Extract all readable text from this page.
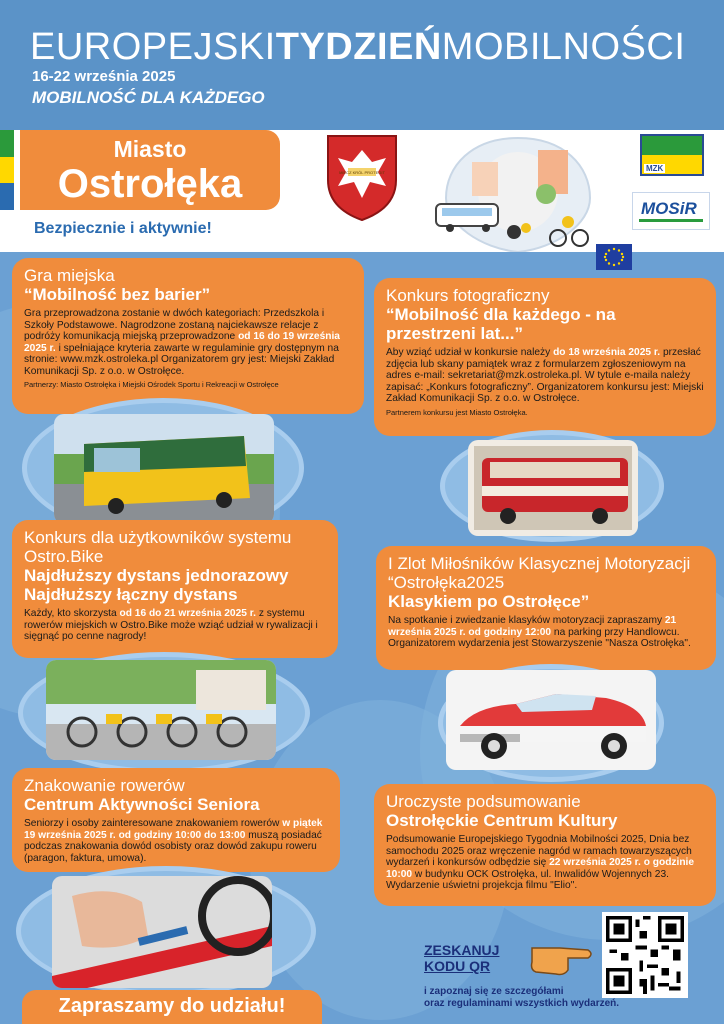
EUROPEJSKITYDZIEŃMOBILNOŚCI
16-22 września 2025
MOBILNOŚĆ DLA KAŻDEGO
Miasto
Ostrołęka
Bezpiecznie i aktywnie!
MIECZ KRÓL PROTEGIT	MZK
MOSiR
Gra miejska
“Mobilność bez barier”

Gra przeprowadzona zostanie w dwóch kategoriach: Przedszkola i Szkoły Podstawowe. Nagrodzone zostaną najciekawsze relacje z podróży komunikacją miejską przeprowadzone od 16 do 19 września 2025 r. i spełniające kryteria zawarte w regulaminie gry dostępnym na stronie: www.mzk.ostroleka.pl Organizatorem gry jest: Miejski Zakład Komunikacji Sp. z o.o. w Ostrołęce.

Partnerzy: Miasto Ostrołęka i Miejski Ośrodek Sportu i Rekreacji w Ostrołęce
Konkurs fotograficzny
“Mobilność dla każdego - na przestrzeni lat...”

Aby wziąć udział w konkursie należy do 18 września 2025 r. przesłać zdjęcia lub skany pamiątek wraz z formularzem zgłoszeniowym na adres e-mail: sekretariat@mzk.ostroleka.pl. W tytule e-maila należy zapisać: „Konkurs fotograficzny”. Organizatorem konkursu jest: Miejski Zakład Komunikacji Sp. z o.o. w Ostrołęce.

Partnerem konkursu jest Miasto Ostrołęka.
Konkurs dla użytkowników systemu Ostro.Bike
Najdłuższy dystans jednorazowy Najdłuższy łączny dystans

Każdy, kto skorzysta od 16 do 21 września 2025 r. z systemu rowerów miejskich w Ostro.Bike może wziąć udział w rywalizacji i sięgnąć po cenne nagrody!

I Zlot Miłośników Klasycznej Motoryzacji “Ostrołęka2025
Klasykiem po Ostrołęce”

Na spotkanie i zwiedzanie klasyków motoryzacji zapraszamy 21 września 2025 r. od godziny 12:00 na parking przy Handlowcu. Organizatorem wydarzenia jest Stowarzyszenie "Nasza Ostrołęka".

Znakowanie rowerów
Centrum Aktywności Seniora

Seniorzy i osoby zainteresowane znakowaniem rowerów w piątek 19 września 2025 r. od godziny 10:00 do 13:00 muszą posiadać podczas znakowania dowód osobisty oraz dowód zakupu roweru (paragon, faktura, umowa).

Uroczyste podsumowanie
Ostrołęckie Centrum Kultury

Podsumowanie Europejskiego Tygodnia Mobilności 2025, Dnia bez samochodu 2025 oraz wręczenie nagród w ramach towarzyszących wydarzeń i konkursów odbędzie się 22 września 2025 r. o godzinie 10:00 w budynku OCK Ostrołęka, ul. Inwalidów Wojennych 23. Wydarzenie uświetni projekcja filmu "Elio".

Zapraszamy do udziału!
ZESKANUJ
KODU QR
i zapoznaj się ze szczegółami
oraz regulaminami wszystkich wydarzeń.
